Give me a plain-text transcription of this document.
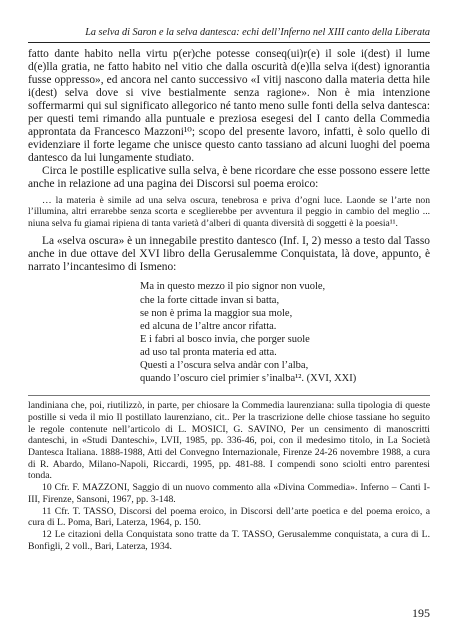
La selva di Saron e la selva dantesca: echi dell’Inferno nel XIII canto della Liberata

fatto dante habito nella virtu p(er)che potesse conseq(ui)r(e) il sole i(dest) il lume d(e)lla gratia, ne fatto habito nel vitio che dalla oscurità d(e)lla selva i(dest) ignorantia fusse oppresso», ed ancora nel canto successivo «I vitij nascono dalla materia detta hile i(dest) selva dove si vive bestialmente senza ragione». Non è mia intenzione soffermarmi qui sul significato allegorico né tanto meno sulle fonti della selva dantesca: per questi temi rimando alla puntuale e preziosa esegesi del I canto della Commedia approntata da Francesco Mazzoni¹⁰; scopo del presente lavoro, infatti, è solo quello di evidenziare il forte legame che unisce questo canto tassiano ad alcuni luoghi del poema dantesco da lui lungamente studiato.

Circa le postille esplicative sulla selva, è bene ricordare che esse possono essere lette anche in relazione ad una pagina dei Discorsi sul poema eroico:

… la materia è simile ad una selva oscura, tenebrosa e priva d’ogni luce. Laonde se l’arte non l’illumina, altri errarebbe senza scorta e sceglierebbe per avventura il peggio in cambio del meglio ... niuna selva fu giamai ripiena di tanta varietà d’alberi di quanta diversità di soggetti è la poesia¹¹.

La «selva oscura» è un innegabile prestito dantesco (Inf. I, 2) messo a testo dal Tasso anche in due ottave del XVI libro della Gerusalemme Conquistata, là dove, appunto, è narrato l’incantesimo di Ismeno:

Ma in questo mezzo il pio signor non vuole,
che la forte cittade invan si batta,
se non è prima la maggior sua mole,
ed alcuna de l’altre ancor rifatta.
E i fabri al bosco invia, che porger suole
ad uso tal pronta materia ed atta.
Questi a l’oscura selva andàr con l’alba,
quando l’oscuro ciel primier s’inalba¹². (XVI, XXI)

landiniana che, poi, riutilizzò, in parte, per chiosare la Commedia laurenziana: sulla tipologia di queste postille si veda il mio Il postillato laurenziano, cit.. Per la trascrizione delle chiose tassiane ho seguito le regole contenute nell’articolo di L. MOSICI, G. SAVINO, Per un censimento di manoscritti danteschi, in «Studi Danteschi», LVII, 1985, pp. 336-46, poi, con il medesimo titolo, in La Società Dantesca Italiana. 1888-1988, Atti del Convegno Internazionale, Firenze 24-26 novembre 1988, a cura di R. Abardo, Milano-Napoli, Riccardi, 1995, pp. 481-88. I compendi sono sciolti entro parentesi tonda.

10 Cfr. F. MAZZONI, Saggio di un nuovo commento alla «Divina Commedia». Inferno – Canti I-III, Firenze, Sansoni, 1967, pp. 3-148.

11 Cfr. T. TASSO, Discorsi del poema eroico, in Discorsi dell’arte poetica e del poema eroico, a cura di L. Poma, Bari, Laterza, 1964, p. 150.

12 Le citazioni della Conquistata sono tratte da T. TASSO, Gerusalemme conquistata, a cura di L. Bonfigli, 2 voll., Bari, Laterza, 1934.

195
